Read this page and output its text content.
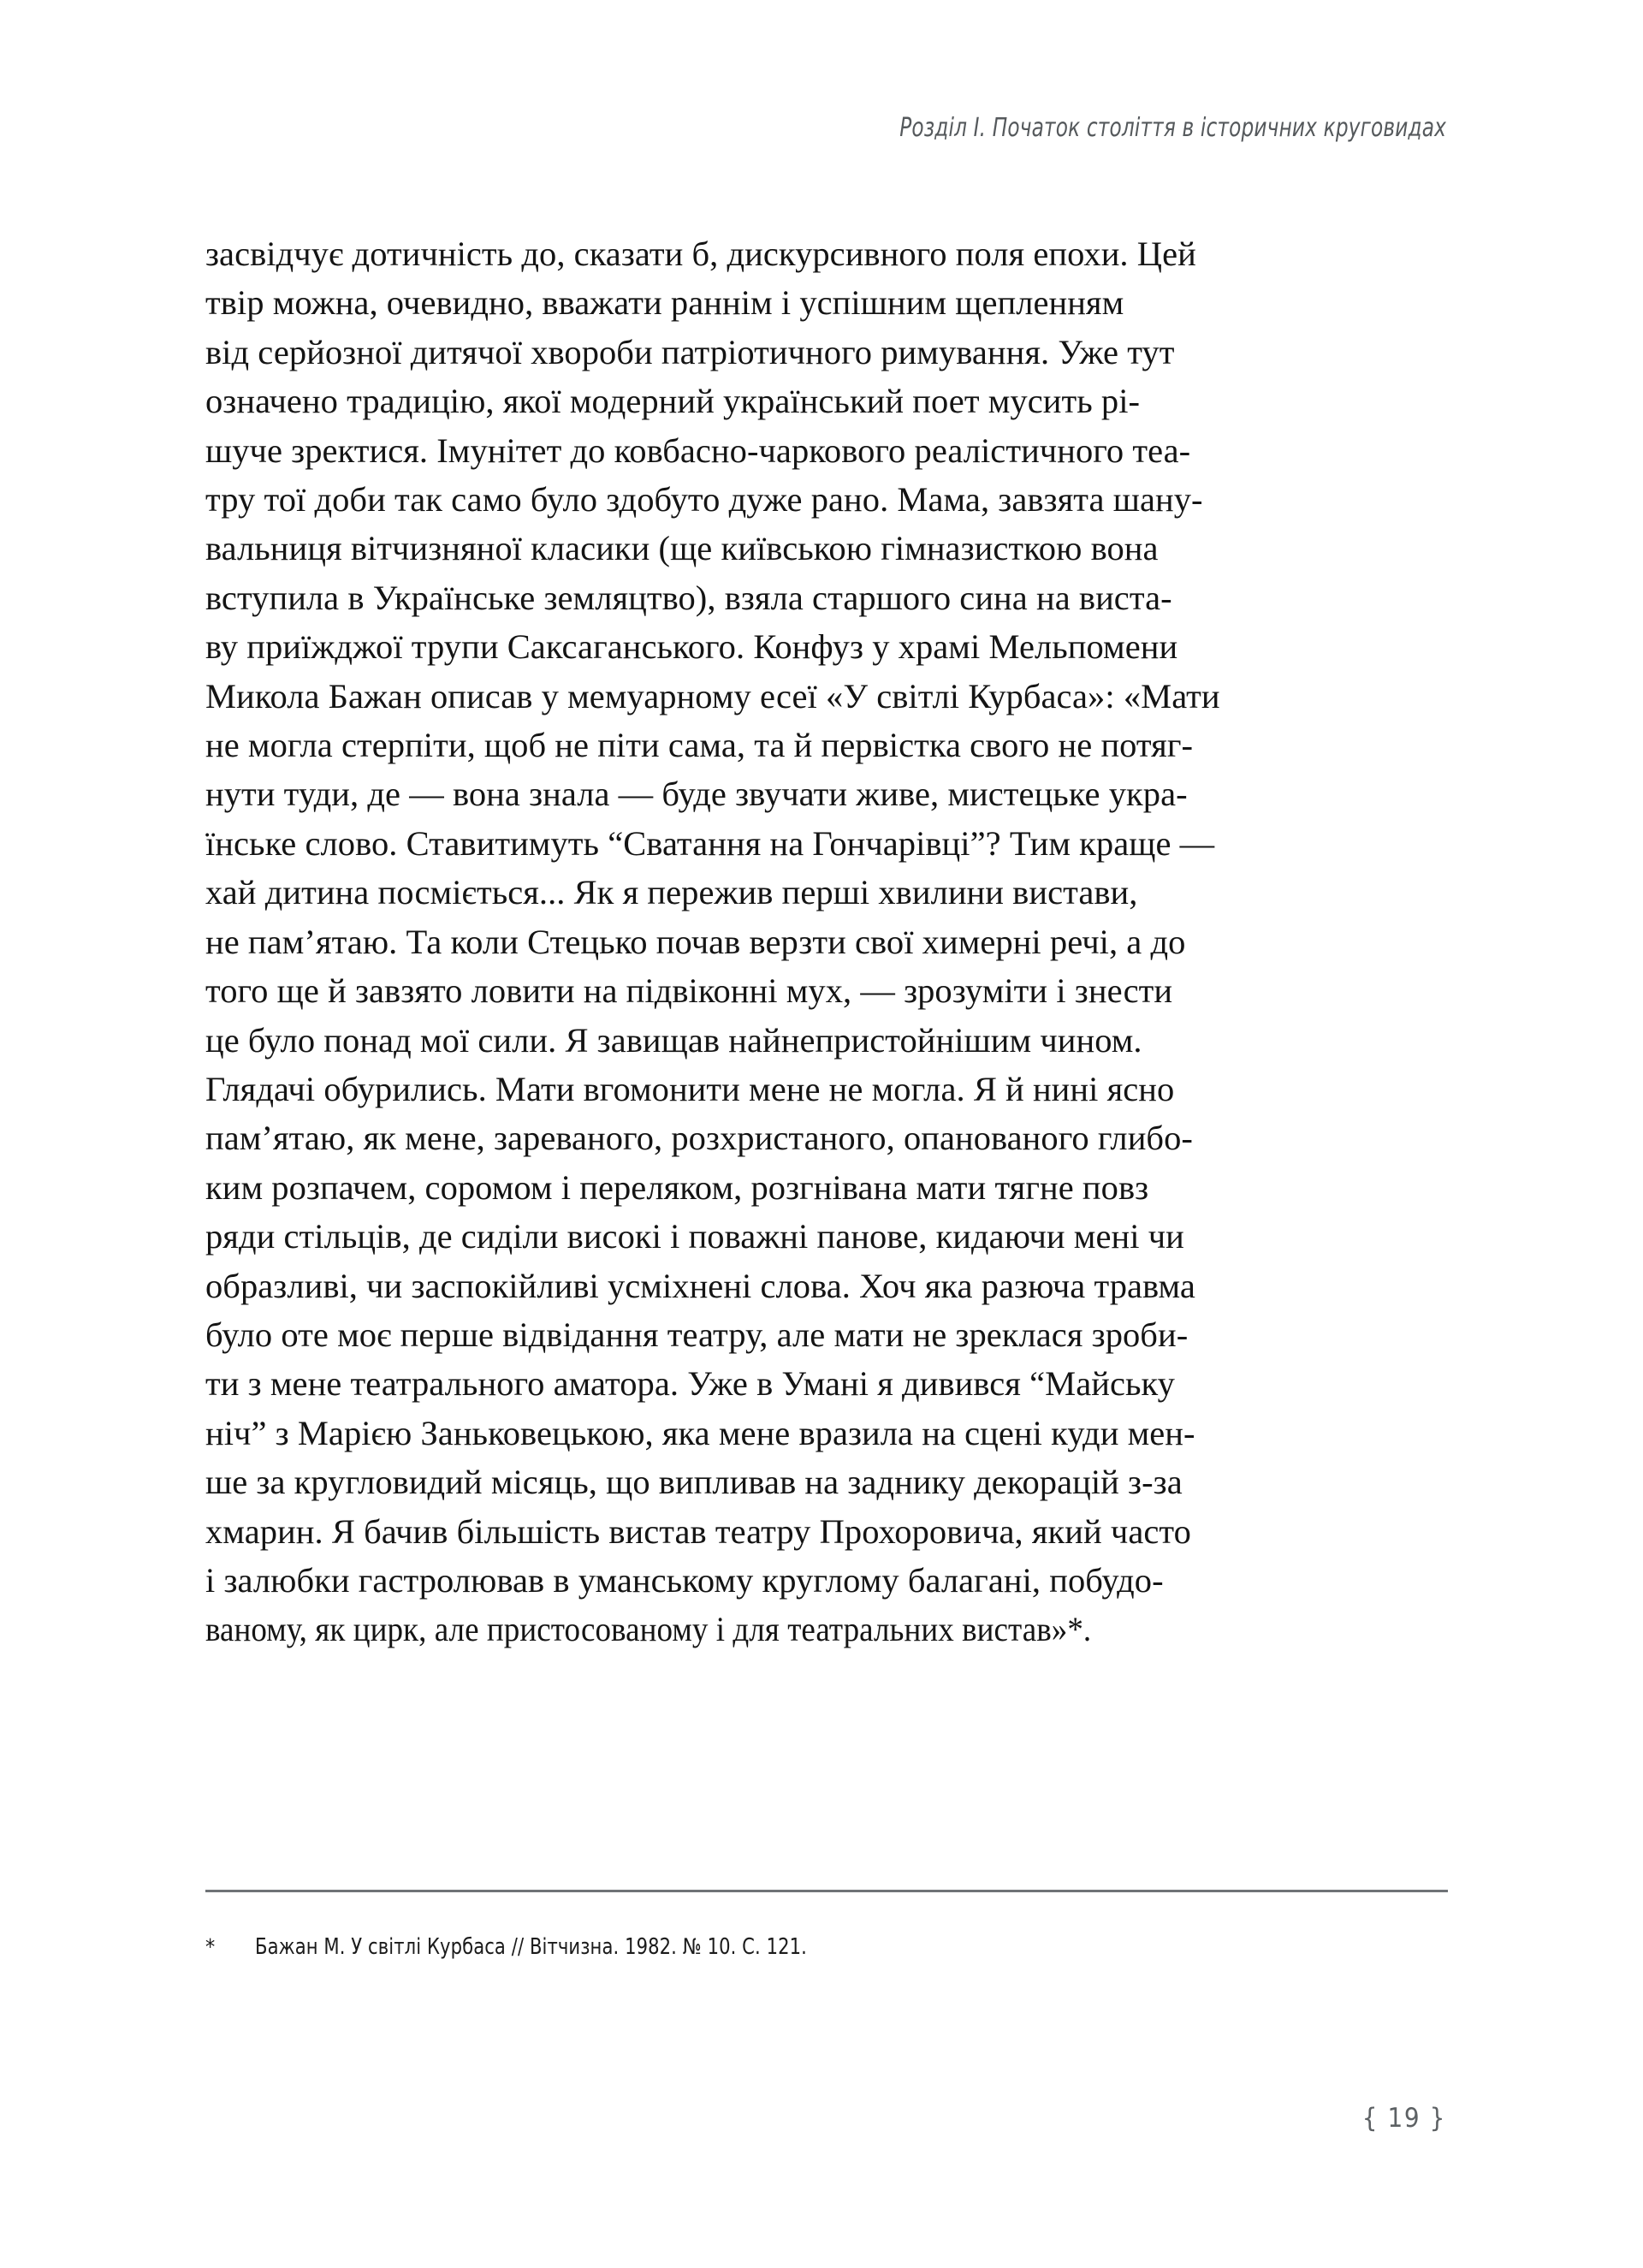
Розділ I. Початок століття в історичних круговидах
засвідчує дотичність до, сказати б, дискурсивного поля епохи. Цей
твір можна, очевидно, вважати раннім і успішним щепленням
від серйозної дитячої хвороби патріотичного римування. Уже тут
означено традицію, якої модерний український поет мусить рі-
шуче зректися. Імунітет до ковбасно-чаркового реалістичного теа-
тру тої доби так само було здобуто дуже рано. Мама, завзята шану-
вальниця вітчизняної класики (ще київською гімназисткою вона
вступила в Українське земляцтво), взяла старшого сина на виста-
ву приїжджої трупи Саксаганського. Конфуз у храмі Мельпомени
Микола Бажан описав у мемуарному есеї «У світлі Курбаса»: «Мати
не могла стерпіти, щоб не піти сама, та й первістка свого не потяг-
нути туди, де — вона знала — буде звучати живе, мистецьке укра-
їнське слово. Ставитимуть “Сватання на Гончарівці”? Тим краще —
хай дитина посміється... Як я пережив перші хвилини вистави,
не пам’ятаю. Та коли Стецько почав верзти свої химерні речі, а до
того ще й завзято ловити на підвіконні мух, — зрозуміти і знести
це було понад мої сили. Я завищав найнепристойнішим чином.
Глядачі обурились. Мати вгомонити мене не могла. Я й нині ясно
пам’ятаю, як мене, зареваного, розхристаного, опанованого глибо-
ким розпачем, соромом і переляком, розгнівана мати тягне повз
ряди стільців, де сиділи високі і поважні панове, кидаючи мені чи
образливі, чи заспокійливі усміхнені слова. Хоч яка разюча травма
було оте моє перше відвідання театру, але мати не зреклася зроби-
ти з мене театрального аматора. Уже в Умані я дивився “Майську
ніч” з Марією Заньковецькою, яка мене вразила на сцені куди мен-
ше за кругловидий місяць, що випливав на заднику декорацій з-за
хмарин. Я бачив більшість вистав театру Прохоровича, який часто
і залюбки гастролював в уманському круглому балагані, побудо-
ваному, як цирк, але пристосованому і для театральних вистав»*.
* Бажан М. У світлі Курбаса // Вітчизна. 1982. № 10. С. 121.
{ 19 }
